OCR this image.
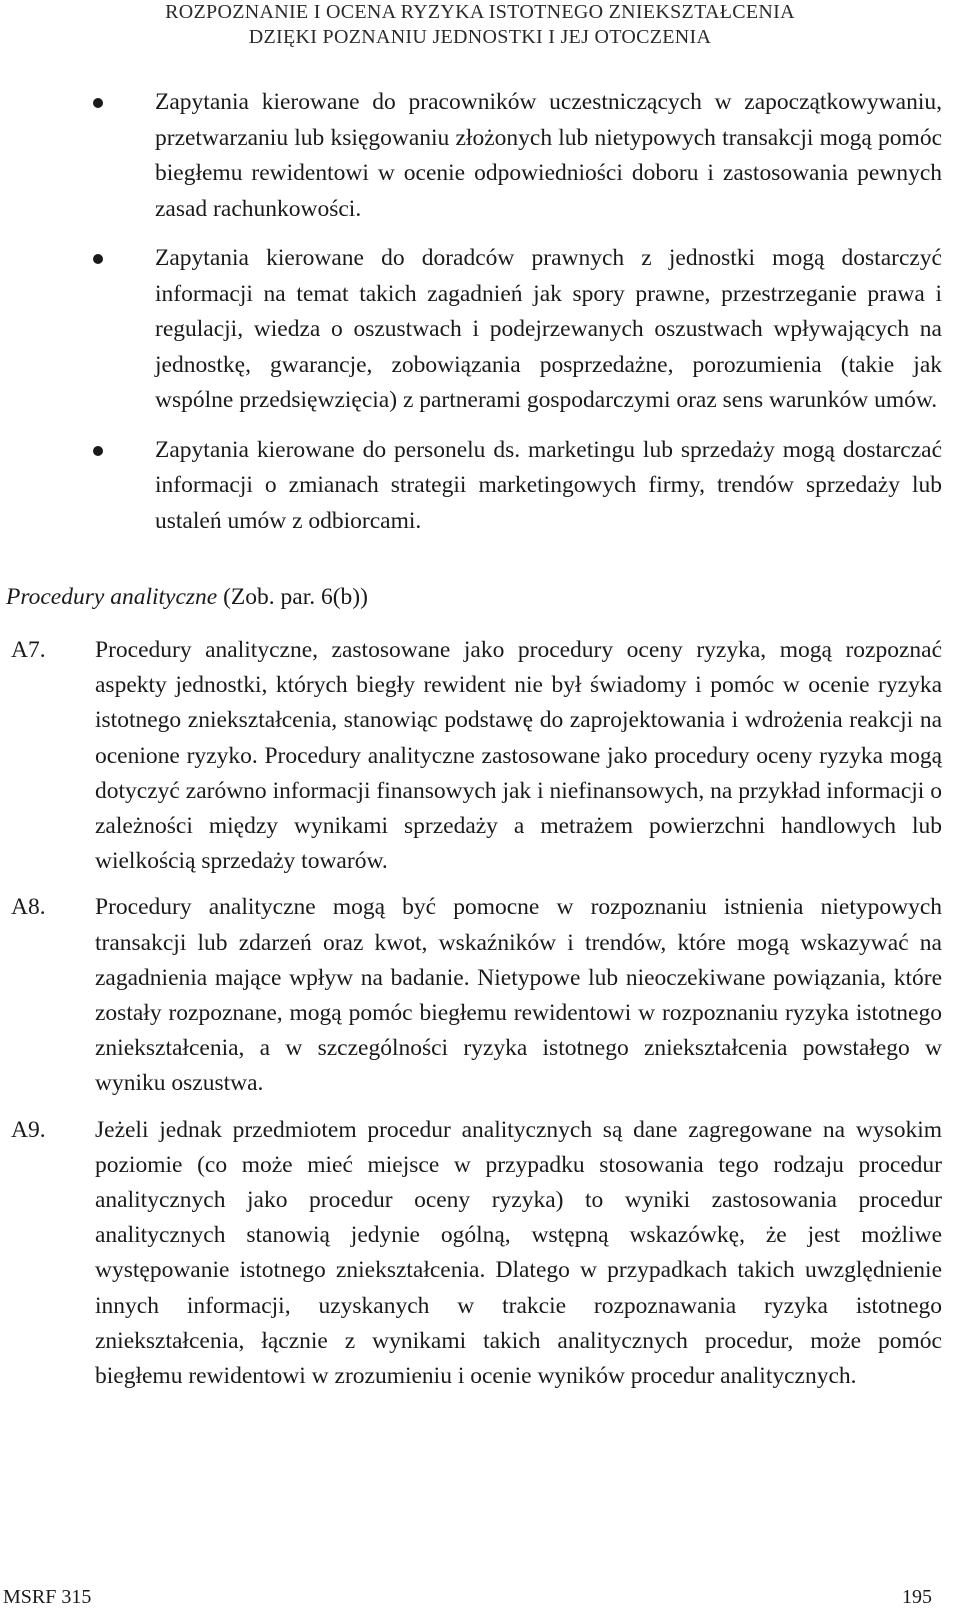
ROZPOZNANIE I OCENA RYZYKA ISTOTNEGO ZNIEKSZTAŁCENIA
DZIĘKI POZNANIU JEDNOSTKI I JEJ OTOCZENIA
Zapytania kierowane do pracowników uczestniczących w zapoczątkowywaniu, przetwarzaniu lub księgowaniu złożonych lub nietypowych transakcji mogą pomóc biegłemu rewidentowi w ocenie odpowiedniości doboru i zastosowania pewnych zasad rachunkowości.
Zapytania kierowane do doradców prawnych z jednostki mogą dostarczyć informacji na temat takich zagadnień jak spory prawne, przestrzeganie prawa i regulacji, wiedza o oszustwach i podejrzewanych oszustwach wpływających na jednostkę, gwarancje, zobowiązania posprzedażne, porozumienia (takie jak wspólne przedsięwzięcia) z partnerami gospodarczymi oraz sens warunków umów.
Zapytania kierowane do personelu ds. marketingu lub sprzedaży mogą dostarczać informacji o zmianach strategii marketingowych firmy, trendów sprzedaży lub ustaleń umów z odbiorcami.
Procedury analityczne (Zob. par. 6(b))
A7. Procedury analityczne, zastosowane jako procedury oceny ryzyka, mogą rozpoznać aspekty jednostki, których biegły rewident nie był świadomy i pomóc w ocenie ryzyka istotnego zniekształcenia, stanowiąc podstawę do zaprojektowania i wdrożenia reakcji na ocenione ryzyko. Procedury analityczne zastosowane jako procedury oceny ryzyka mogą dotyczyć zarówno informacji finansowych jak i niefinansowych, na przykład informacji o zależności między wynikami sprzedaży a metrażem powierzchni handlowych lub wielkością sprzedaży towarów.
A8. Procedury analityczne mogą być pomocne w rozpoznaniu istnienia nietypowych transakcji lub zdarzeń oraz kwot, wskaźników i trendów, które mogą wskazywać na zagadnienia mające wpływ na badanie. Nietypowe lub nieoczekiwane powiązania, które zostały rozpoznane, mogą pomóc biegłemu rewidentowi w rozpoznaniu ryzyka istotnego zniekształcenia, a w szczególności ryzyka istotnego zniekształcenia powstałego w wyniku oszustwa.
A9. Jeżeli jednak przedmiotem procedur analitycznych są dane zagregowane na wysokim poziomie (co może mieć miejsce w przypadku stosowania tego rodzaju procedur analitycznych jako procedur oceny ryzyka) to wyniki zastosowania procedur analitycznych stanowią jedynie ogólną, wstępną wskazówkę, że jest możliwe występowanie istotnego zniekształcenia. Dlatego w przypadkach takich uwzględnienie innych informacji, uzyskanych w trakcie rozpoznawania ryzyka istotnego zniekształcenia, łącznie z wynikami takich analitycznych procedur, może pomóc biegłemu rewidentowi w zrozumieniu i ocenie wyników procedur analitycznych.
MSRF 315	195
